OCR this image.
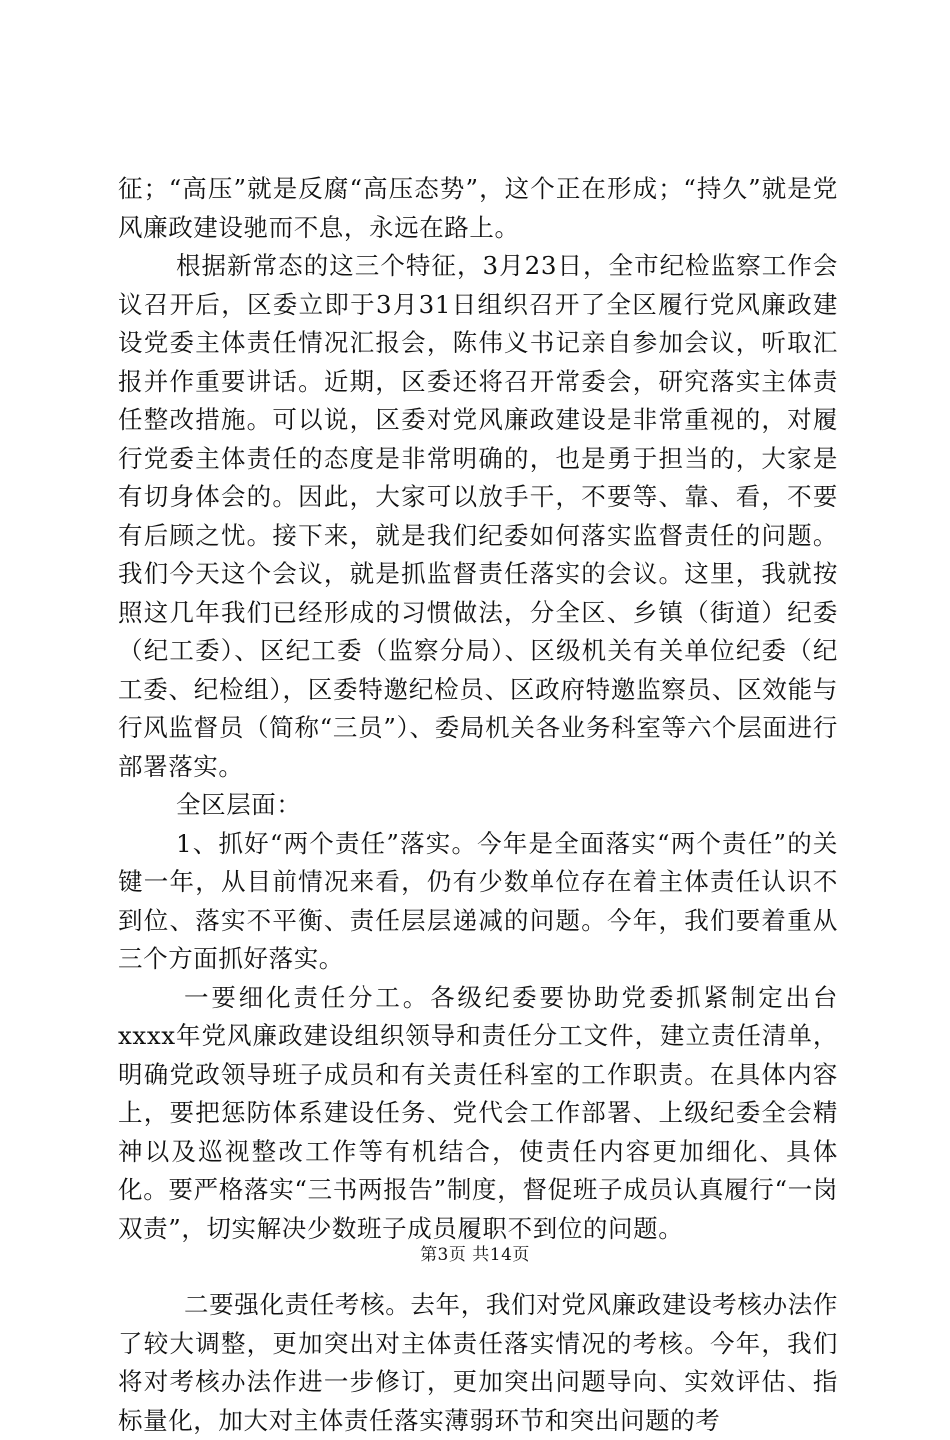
征；“高压”就是反腐“高压态势”，这个正在形成；“持久”就是党风廉政建设驰而不息，永远在路上。

根据新常态的这三个特征，3月23日，全市纪检监察工作会议召开后，区委立即于3月31日组织召开了全区履行党风廉政建设党委主体责任情况汇报会，陈伟义书记亲自参加会议，听取汇报并作重要讲话。近期，区委还将召开常委会，研究落实主体责任整改措施。可以说，区委对党风廉政建设是非常重视的，对履行党委主体责任的态度是非常明确的，也是勇于担当的，大家是有切身体会的。因此，大家可以放手干，不要等、靠、看，不要有后顾之忧。接下来，就是我们纪委如何落实监督责任的问题。我们今天这个会议，就是抓监督责任落实的会议。这里，我就按照这几年我们已经形成的习惯做法，分全区、乡镇（街道）纪委（纪工委）、区纪工委（监察分局）、区级机关有关单位纪委（纪工委、纪检组），区委特邀纪检员、区政府特邀监察员、区效能与行风监督员（简称“三员”）、委局机关各业务科室等六个层面进行部署落实。

全区层面：

1、抓好“两个责任”落实。今年是全面落实“两个责任”的关键一年，从目前情况来看，仍有少数单位存在着主体责任认识不到位、落实不平衡、责任层层递减的问题。今年，我们要着重从三个方面抓好落实。

一要细化责任分工。各级纪委要协助党委抓紧制定出台xxxx年党风廉政建设组织领导和责任分工文件，建立责任清单，明确党政领导班子成员和有关责任科室的工作职责。在具体内容上，要把惩防体系建设任务、党代会工作部署、上级纪委全会精神以及巡视整改工作等有机结合，使责任内容更加细化、具体化。要严格落实“三书两报告”制度，督促班子成员认真履行“一岗双责”，切实解决少数班子成员履职不到位的问题。

二要强化责任考核。去年，我们对党风廉政建设考核办法作了较大调整，更加突出对主体责任落实情况的考核。今年，我们将对考核办法作进一步修订，更加突出问题导向、实效评估、指标量化，加大对主体责任落实薄弱环节和突出问题的考

第3页 共14页
